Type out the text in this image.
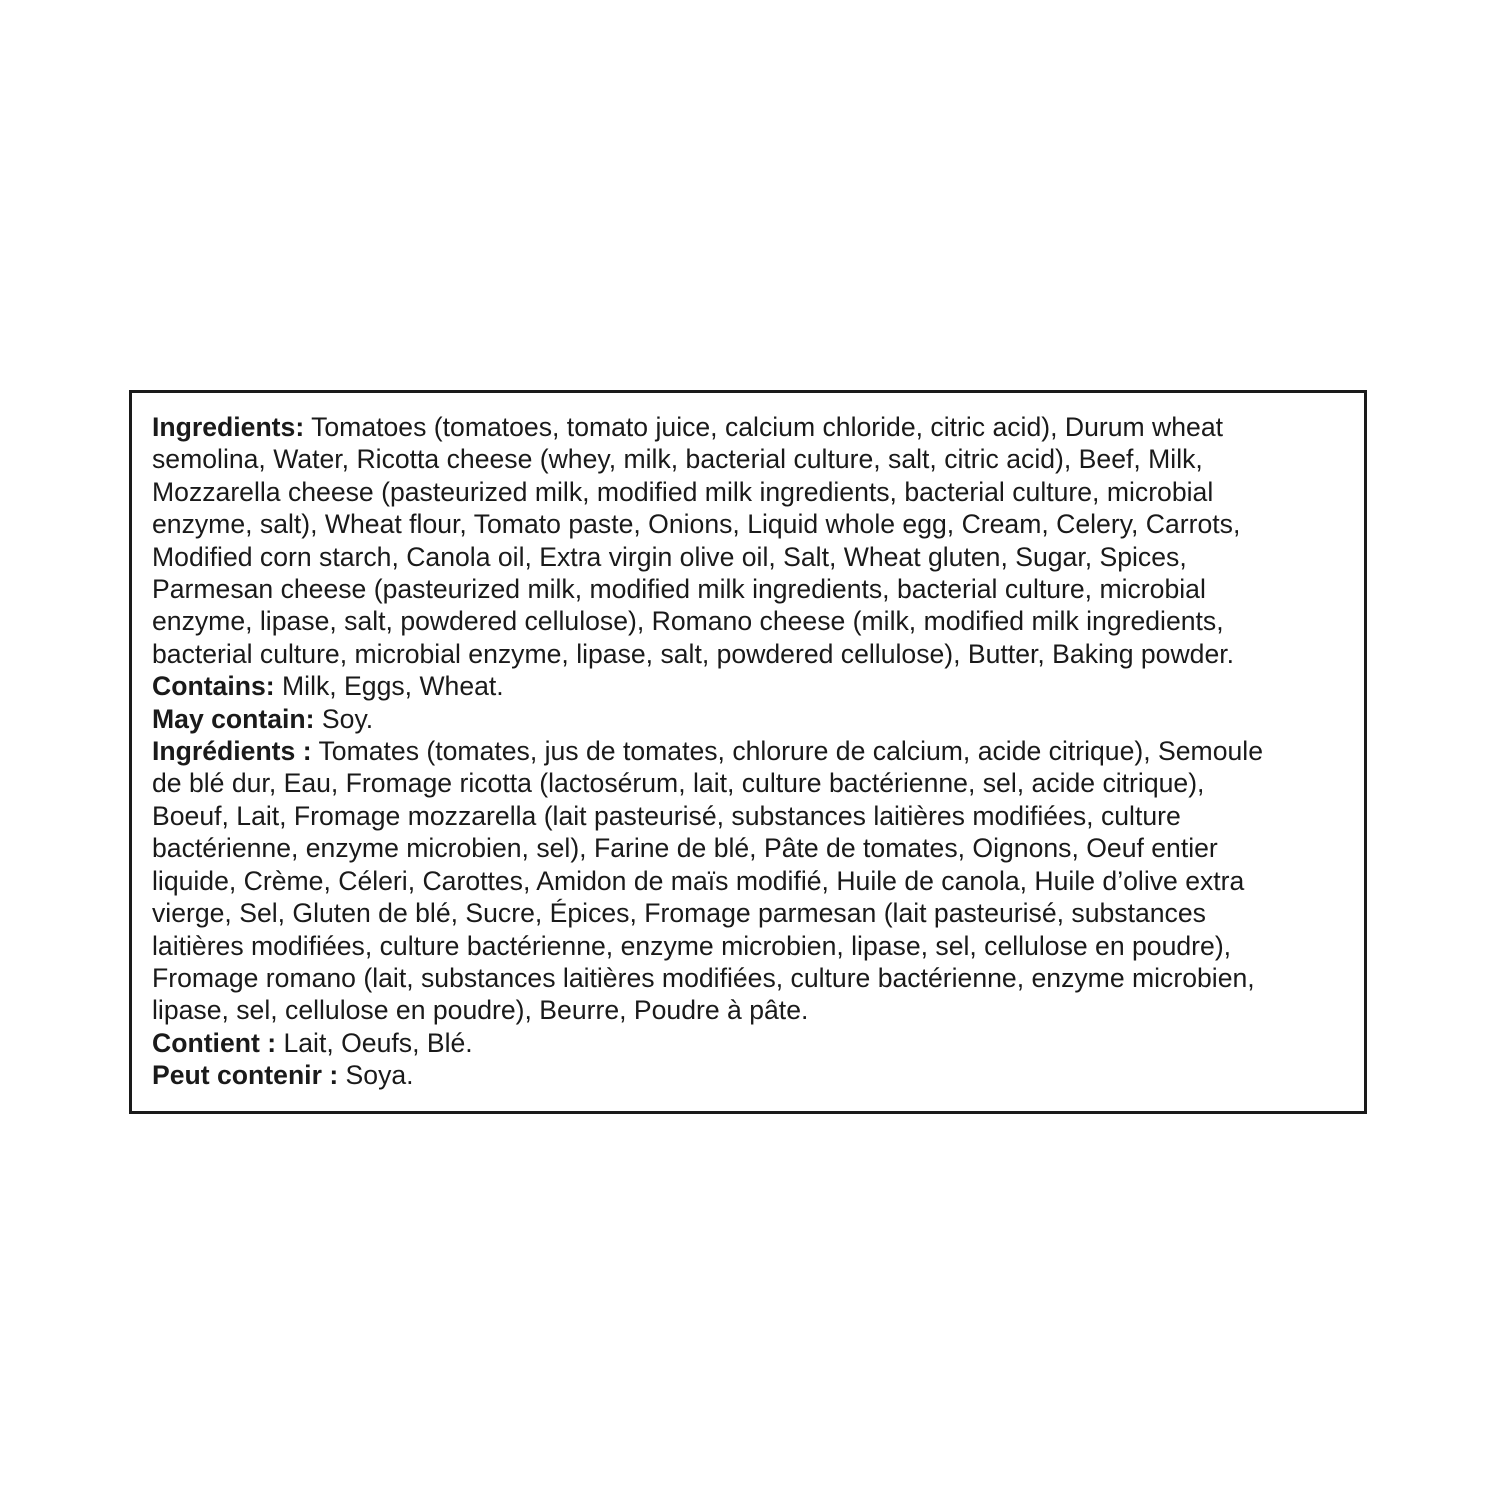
Ingredients: Tomatoes (tomatoes, tomato juice, calcium chloride, citric acid), Durum wheat

semolina, Water, Ricotta cheese (whey, milk, bacterial culture, salt, citric acid), Beef, Milk,

Mozzarella cheese (pasteurized milk, modified milk ingredients, bacterial culture, microbial

enzyme, salt), Wheat flour, Tomato paste, Onions, Liquid whole egg, Cream, Celery, Carrots,

Modified corn starch, Canola oil, Extra virgin olive oil, Salt, Wheat gluten, Sugar, Spices,

Parmesan cheese (pasteurized milk, modified milk ingredients, bacterial culture, microbial

enzyme, lipase, salt, powdered cellulose), Romano cheese (milk, modified milk ingredients,

bacterial culture, microbial enzyme, lipase, salt, powdered cellulose), Butter, Baking powder.

Contains: Milk, Eggs, Wheat.

May contain: Soy.

Ingrédients : Tomates (tomates, jus de tomates, chlorure de calcium, acide citrique), Semoule

de blé dur, Eau, Fromage ricotta (lactosérum, lait, culture bactérienne, sel, acide citrique),

Boeuf, Lait, Fromage mozzarella (lait pasteurisé, substances laitières modifiées, culture

bactérienne, enzyme microbien, sel), Farine de blé, Pâte de tomates, Oignons, Oeuf entier

liquide, Crème, Céleri, Carottes, Amidon de maïs modifié, Huile de canola, Huile d’olive extra

vierge, Sel, Gluten de blé, Sucre, Épices, Fromage parmesan (lait pasteurisé, substances

laitières modifiées, culture bactérienne, enzyme microbien, lipase, sel, cellulose en poudre),

Fromage romano (lait, substances laitières modifiées, culture bactérienne, enzyme microbien,

lipase, sel, cellulose en poudre), Beurre, Poudre à pâte.

Contient : Lait, Oeufs, Blé.

Peut contenir : Soya.
